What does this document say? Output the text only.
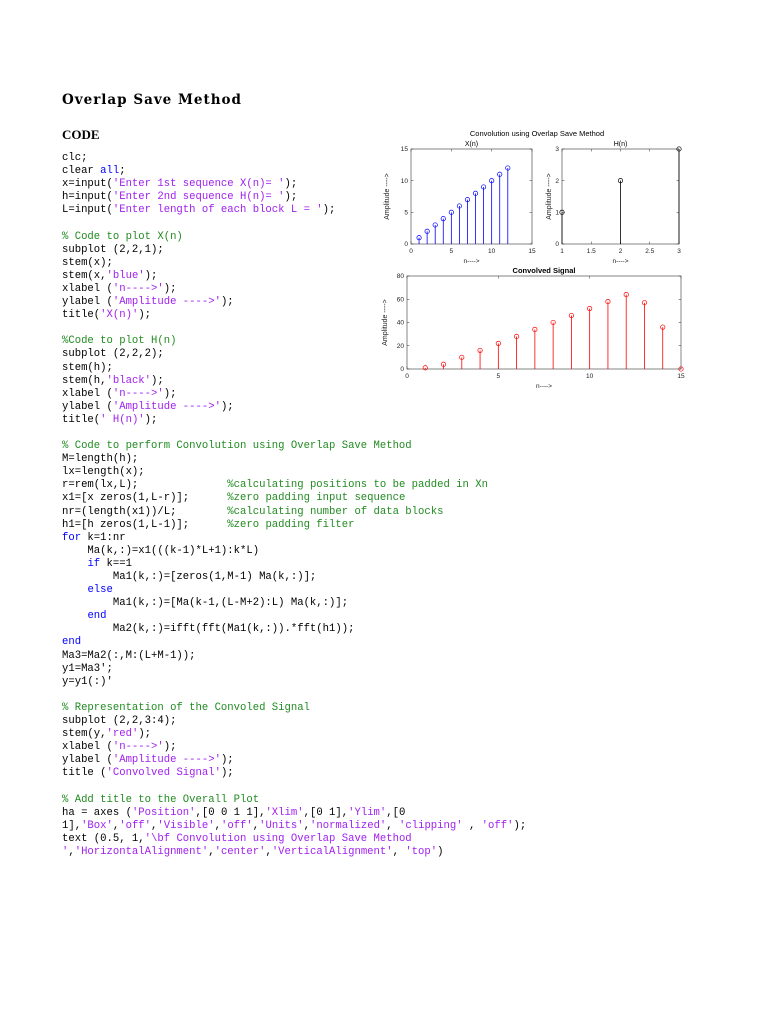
Overlap Save Method
CODE
clc;
clear all;
x=input('Enter 1st sequence X(n)= ');
h=input('Enter 2nd sequence H(n)= ');
L=input('Enter length of each block L = ');

% Code to plot X(n)
subplot (2,2,1);
stem(x);
stem(x,'blue');
xlabel ('n---->');
ylabel ('Amplitude ---->');
title('X(n)');

%Code to plot H(n)
subplot (2,2,2);
stem(h);
stem(h,'black');
xlabel ('n---->');
ylabel ('Amplitude ---->');
title(' H(n)');

% Code to perform Convolution using Overlap Save Method
M=length(h);
lx=length(x);
r=rem(lx,L);              %calculating positions to be padded in Xn
x1=[x zeros(1,L-r)];      %zero padding input sequence
nr=(length(x1))/L;        %calculating number of data blocks
h1=[h zeros(1,L-1)];      %zero padding filter
for k=1:nr
Ma(k,:)=x1(((k-1)*L+1):k*L)
if k==1
Ma1(k,:)=[zeros(1,M-1) Ma(k,:)];
else
Ma1(k,:)=[Ma(k-1,(L-M+2):L) Ma(k,:)];
end
Ma2(k,:)=ifft(fft(Ma1(k,:)).*fft(h1));
end
Ma3=Ma2(:,M:(L+M-1));
y1=Ma3';
y=y1(:)'

% Representation of the Convoled Signal
subplot (2,2,3:4);
stem(y,'red');
xlabel ('n---->');
ylabel ('Amplitude ---->');
title ('Convolved Signal');

% Add title to the Overall Plot
ha = axes ('Position',[0 0 1 1],'Xlim',[0 1],'Ylim',[0
1],'Box','off','Visible','off','Units','normalized', 'clipping' , 'off');
text (0.5, 1,'\bf Convolution using Overlap Save Method
','HorizontalAlignment','center','VerticalAlignment', 'top')

Convolution using Overlap Save Method
0	5	10	15
0
5
10
15
X(n)
n---->
Amplitude ---->
1	1.5	2	2.5	3
0
1
2
3
H(n)
n---->
Amplitude ---->
0	5	10	15
0
20
40
60
80
Convolved Signal
n---->
Amplitude ---->
